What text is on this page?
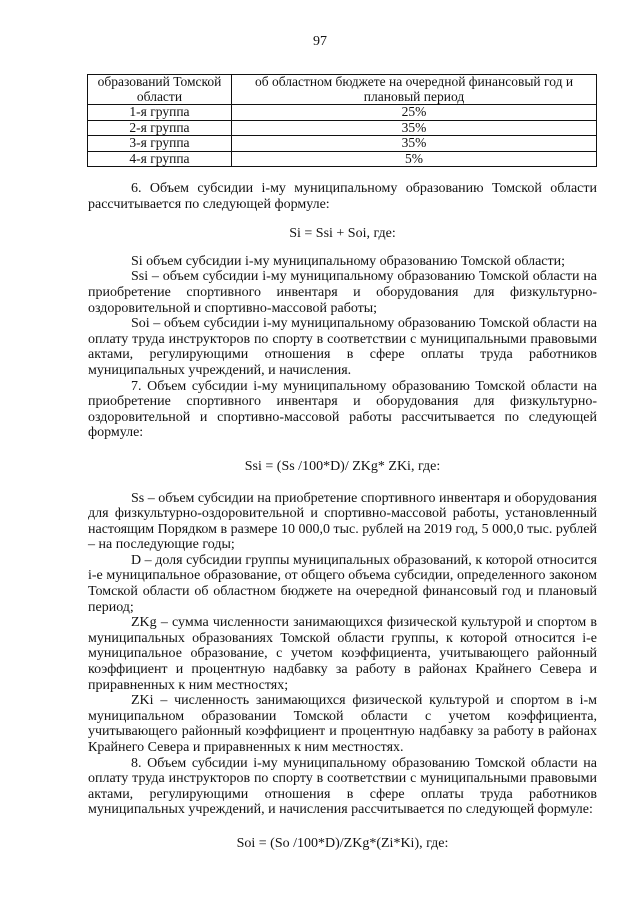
97
образований Томской области	об областном бюджете на очередной финансовый год и плановый период
1-я группа	25%
2-я группа	35%
3-я группа	35%
4-я группа	5%

6. Объем субсидии i-му муниципальному образованию Томской области рассчитывается по следующей формуле:

Si = Ssi + Soi, где:

Si объем субсидии i-му муниципальному образованию Томской области;

Ssi – объем субсидии i-му муниципальному образованию Томской области на приобретение спортивного инвентаря и оборудования для физкультурно-оздоровительной и спортивно-массовой работы;

Soi – объем субсидии i-му муниципальному образованию Томской области на оплату труда инструкторов по спорту в соответствии с муниципальными правовыми актами, регулирующими отношения в сфере оплаты труда работников муниципальных учреждений, и начисления.

7. Объем субсидии i-му муниципальному образованию Томской области на приобретение спортивного инвентаря и оборудования для физкультурно-оздоровительной и спортивно-массовой работы рассчитывается по следующей формуле:

Ssi = (Ss /100*D)/ ZKg* ZKi, где:

Ss – объем субсидии на приобретение спортивного инвентаря и оборудования для физкультурно-оздоровительной и спортивно-массовой работы, установленный настоящим Порядком в размере 10 000,0 тыс. рублей на 2019 год, 5 000,0 тыс. рублей – на последующие годы;

D – доля субсидии группы муниципальных образований, к которой относится i-е муниципальное образование, от общего объема субсидии, определенного законом Томской области об областном бюджете на очередной финансовый год и плановый период;

ZKg – сумма численности занимающихся физической культурой и спортом в муниципальных образованиях Томской области группы, к которой относится i-е муниципальное образование, с учетом коэффициента, учитывающего районный коэффициент и процентную надбавку за работу в районах Крайнего Севера и приравненных к ним местностях;

ZKi – численность занимающихся физической культурой и спортом в i-м муниципальном образовании Томской области с учетом коэффициента, учитывающего районный коэффициент и процентную надбавку за работу в районах Крайнего Севера и приравненных к ним местностях.

8. Объем субсидии i-му муниципальному образованию Томской области на оплату труда инструкторов по спорту в соответствии с муниципальными правовыми актами, регулирующими отношения в сфере оплаты труда работников муниципальных учреждений, и начисления рассчитывается по следующей формуле:

Soi = (So /100*D)/ZKg*(Zi*Ki), где:
